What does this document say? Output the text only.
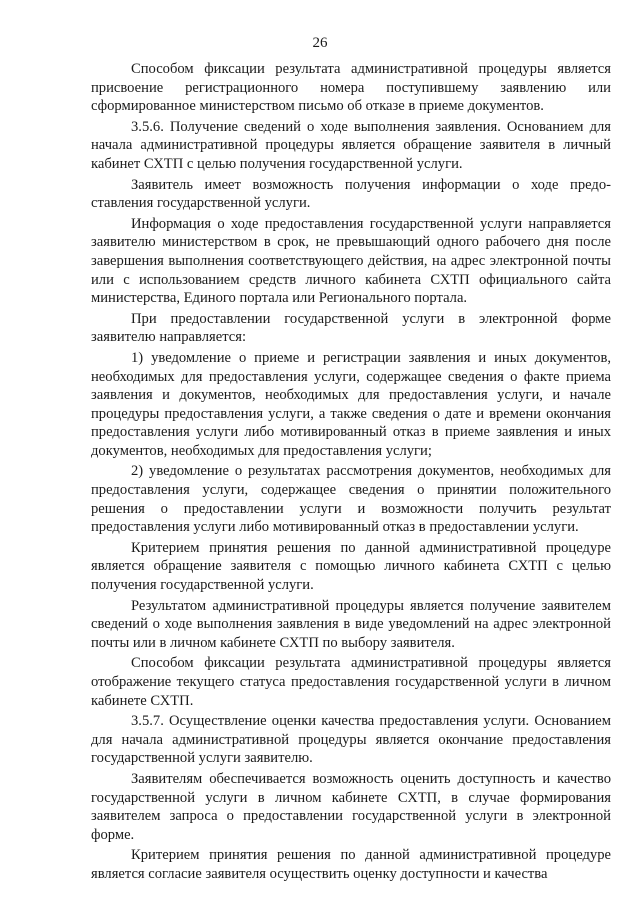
26

Способом фиксации результата административной процедуры является присвоение регистрационного номера поступившему заявлению или сформированное министерством письмо об отказе в приеме документов.

3.5.6. Получение сведений о ходе выполнения заявления. Основанием для начала административной процедуры является обращение заявителя в личный кабинет СХТП с целью получения государственной услуги.

Заявитель имеет возможность получения информации о ходе предоставления государственной услуги.

Информация о ходе предоставления государственной услуги направляется заявителю министерством в срок, не превышающий одного рабочего дня после завершения выполнения соответствующего действия, на адрес электронной почты или с использованием средств личного кабинета СХТП официального сайта министерства, Единого портала или Регионального портала.

При предоставлении государственной услуги в электронной форме заявителю направляется:

1) уведомление о приеме и регистрации заявления и иных документов, необходимых для предоставления услуги, содержащее сведения о факте приема заявления и документов, необходимых для предоставления услуги, и начале процедуры предоставления услуги, а также сведения о дате и времени окончания предоставления услуги либо мотивированный отказ в приеме заявления и иных документов, необходимых для предоставления услуги;

2) уведомление о результатах рассмотрения документов, необходимых для предоставления услуги, содержащее сведения о принятии положительного решения о предоставлении услуги и возможности получить результат предоставления услуги либо мотивированный отказ в предоставлении услуги.

Критерием принятия решения по данной административной процедуре является обращение заявителя с помощью личного кабинета СХТП с целью получения государственной услуги.

Результатом административной процедуры является получение заявителем сведений о ходе выполнения заявления в виде уведомлений на адрес электронной почты или в личном кабинете СХТП по выбору заявителя.

Способом фиксации результата административной процедуры является отображение текущего статуса предоставления государственной услуги в личном кабинете СХТП.

3.5.7. Осуществление оценки качества предоставления услуги. Основанием для начала административной процедуры является окончание предоставления государственной услуги заявителю.

Заявителям обеспечивается возможность оценить доступность и качество государственной услуги в личном кабинете СХТП, в случае формирования заявителем запроса о предоставлении государственной услуги в электронной форме.

Критерием принятия решения по данной административной процедуре является согласие заявителя осуществить оценку доступности и качества
